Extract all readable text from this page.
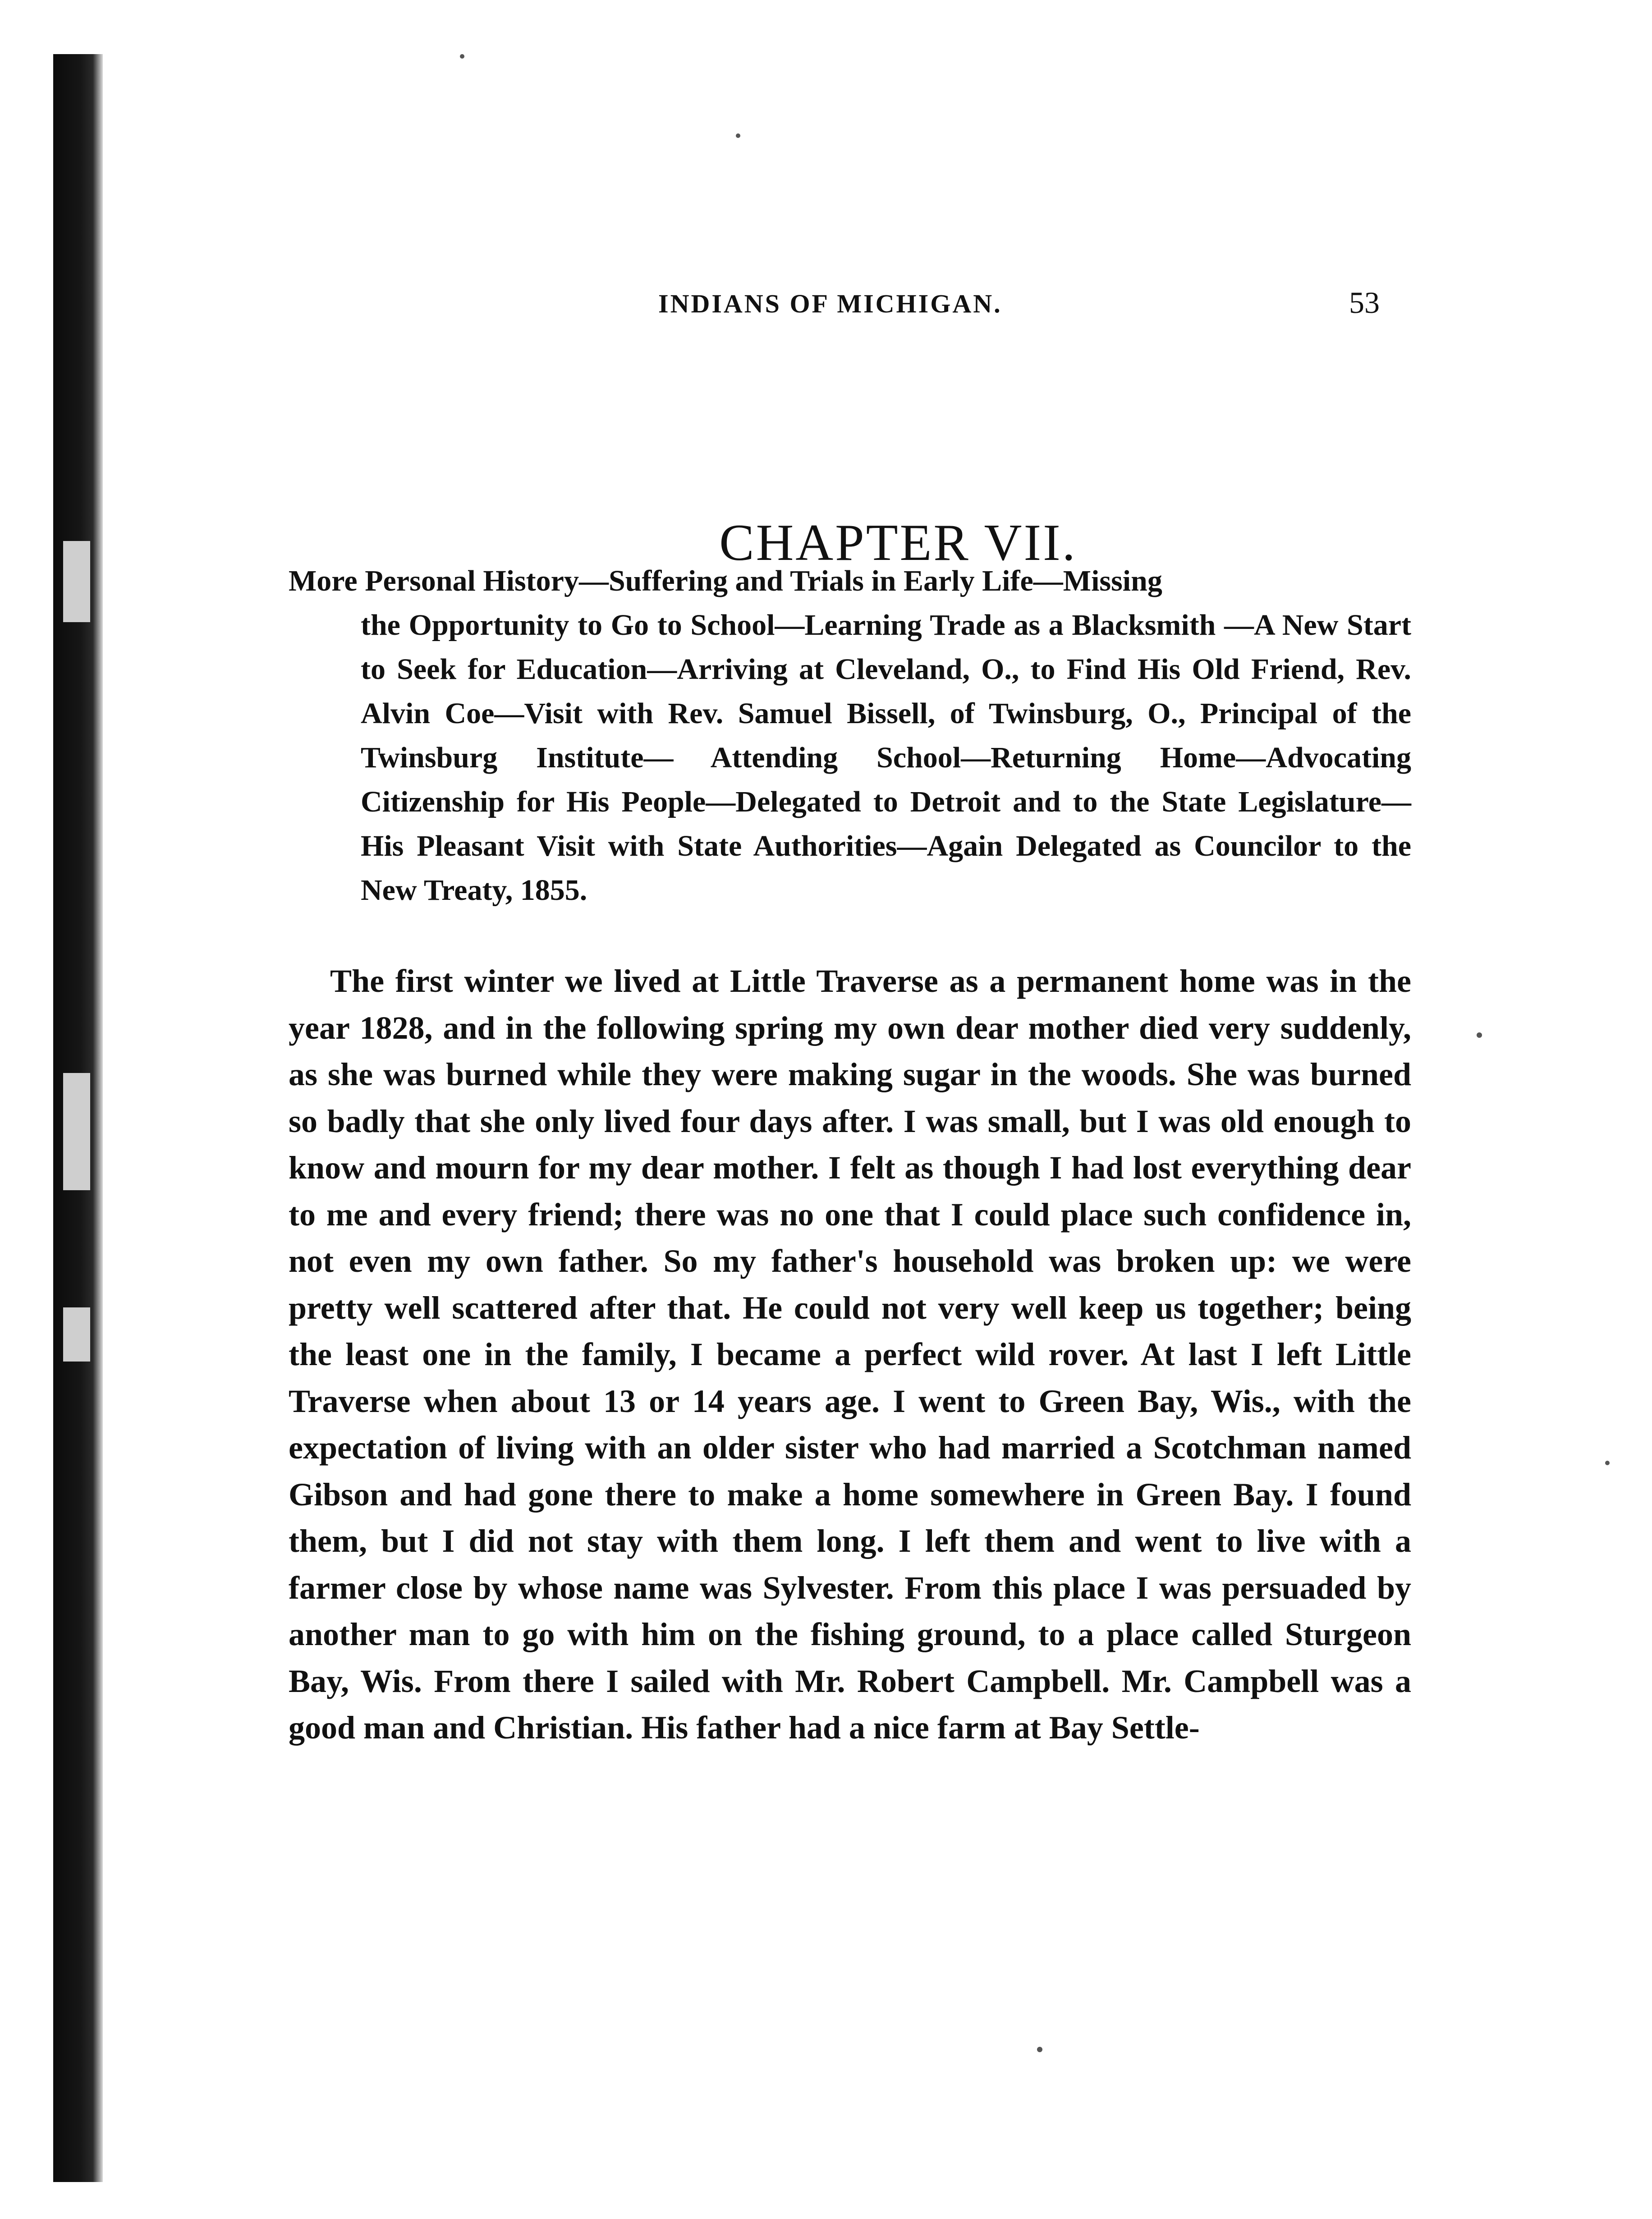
INDIANS OF MICHIGAN.	53
CHAPTER VII.
More Personal History—Suffering and Trials in Early Life—Missing
the Opportunity to Go to School—Learning Trade as a Blacksmith —A New Start to Seek for Education—Arriving at Cleveland, O., to Find His Old Friend, Rev. Alvin Coe—Visit with Rev. Samuel Bissell, of Twinsburg, O., Principal of the Twinsburg Institute— Attending School—Returning Home—Advocating Citizenship for His People—Delegated to Detroit and to the State Legislature— His Pleasant Visit with State Authorities—Again Delegated as Councilor to the New Treaty, 1855.

The first winter we lived at Little Traverse as a permanent home was in the year 1828, and in the following spring my own dear mother died very suddenly, as she was burned while they were making sugar in the woods. She was burned so badly that she only lived four days after. I was small, but I was old enough to know and mourn for my dear mother. I felt as though I had lost everything dear to me and every friend; there was no one that I could place such confidence in, not even my own father. So my father's household was broken up: we were pretty well scattered after that. He could not very well keep us together; being the least one in the family, I became a perfect wild rover. At last I left Little Traverse when about 13 or 14 years age. I went to Green Bay, Wis., with the expectation of living with an older sister who had married a Scotchman named Gibson and had gone there to make a home somewhere in Green Bay. I found them, but I did not stay with them long. I left them and went to live with a farmer close by whose name was Sylvester. From this place I was persuaded by another man to go with him on the fishing ground, to a place called Sturgeon Bay, Wis. From there I sailed with Mr. Robert Campbell. Mr. Campbell was a good man and Christian. His father had a nice farm at Bay Settle-
